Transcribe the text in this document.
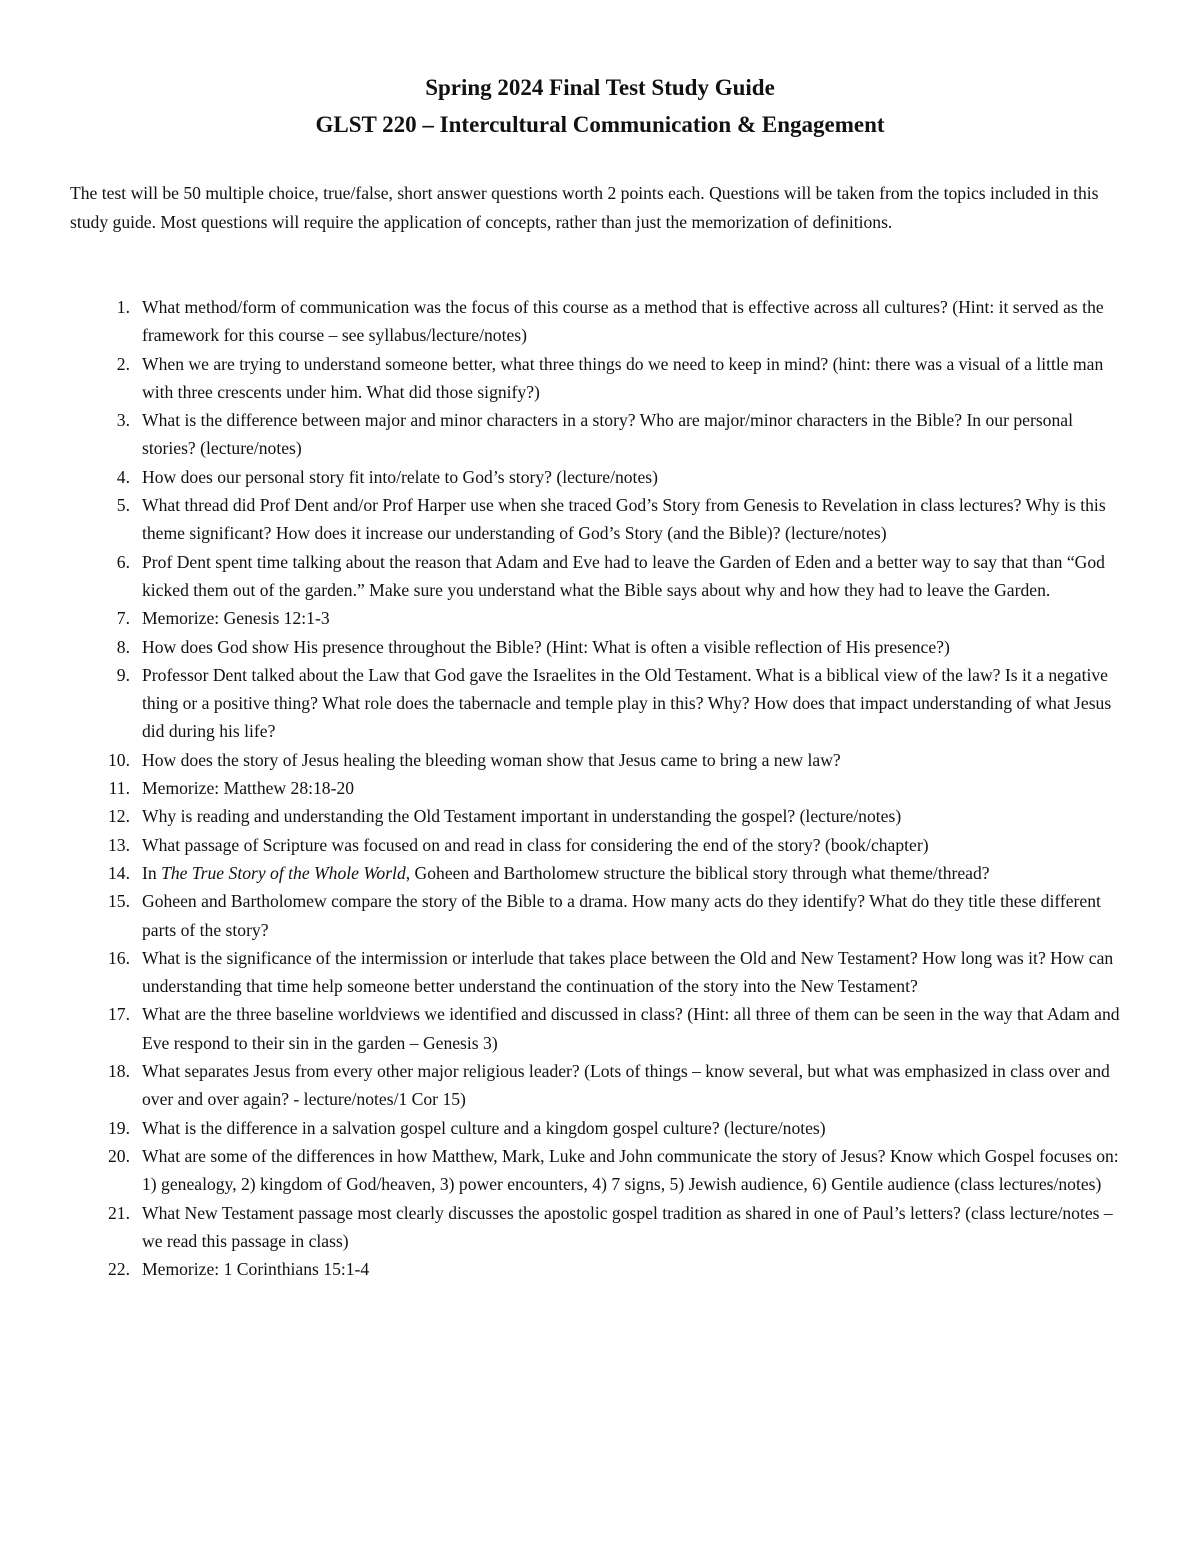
Spring 2024 Final Test Study Guide
GLST 220 – Intercultural Communication & Engagement

The test will be 50 multiple choice, true/false, short answer questions worth 2 points each. Questions will be taken from the topics included in this study guide. Most questions will require the application of concepts, rather than just the memorization of definitions.

1. What method/form of communication was the focus of this course as a method that is effective across all cultures? (Hint: it served as the framework for this course – see syllabus/lecture/notes)
2. When we are trying to understand someone better, what three things do we need to keep in mind? (hint: there was a visual of a little man with three crescents under him. What did those signify?)
3. What is the difference between major and minor characters in a story? Who are major/minor characters in the Bible? In our personal stories? (lecture/notes)
4. How does our personal story fit into/relate to God’s story? (lecture/notes)
5. What thread did Prof Dent and/or Prof Harper use when she traced God’s Story from Genesis to Revelation in class lectures? Why is this theme significant? How does it increase our understanding of God’s Story (and the Bible)? (lecture/notes)
6. Prof Dent spent time talking about the reason that Adam and Eve had to leave the Garden of Eden and a better way to say that than “God kicked them out of the garden.” Make sure you understand what the Bible says about why and how they had to leave the Garden.
7. Memorize: Genesis 12:1-3
8. How does God show His presence throughout the Bible? (Hint: What is often a visible reflection of His presence?)
9. Professor Dent talked about the Law that God gave the Israelites in the Old Testament. What is a biblical view of the law? Is it a negative thing or a positive thing? What role does the tabernacle and temple play in this? Why? How does that impact understanding of what Jesus did during his life?
10. How does the story of Jesus healing the bleeding woman show that Jesus came to bring a new law?
11. Memorize: Matthew 28:18-20
12. Why is reading and understanding the Old Testament important in understanding the gospel? (lecture/notes)
13. What passage of Scripture was focused on and read in class for considering the end of the story? (book/chapter)
14. In The True Story of the Whole World, Goheen and Bartholomew structure the biblical story through what theme/thread?
15. Goheen and Bartholomew compare the story of the Bible to a drama. How many acts do they identify? What do they title these different parts of the story?
16. What is the significance of the intermission or interlude that takes place between the Old and New Testament? How long was it? How can understanding that time help someone better understand the continuation of the story into the New Testament?
17. What are the three baseline worldviews we identified and discussed in class? (Hint: all three of them can be seen in the way that Adam and Eve respond to their sin in the garden – Genesis 3)
18. What separates Jesus from every other major religious leader? (Lots of things – know several, but what was emphasized in class over and over and over again? - lecture/notes/1 Cor 15)
19. What is the difference in a salvation gospel culture and a kingdom gospel culture? (lecture/notes)
20. What are some of the differences in how Matthew, Mark, Luke and John communicate the story of Jesus? Know which Gospel focuses on: 1) genealogy, 2) kingdom of God/heaven, 3) power encounters, 4) 7 signs, 5) Jewish audience, 6) Gentile audience (class lectures/notes)
21. What New Testament passage most clearly discusses the apostolic gospel tradition as shared in one of Paul’s letters? (class lecture/notes – we read this passage in class)
22. Memorize: 1 Corinthians 15:1-4
